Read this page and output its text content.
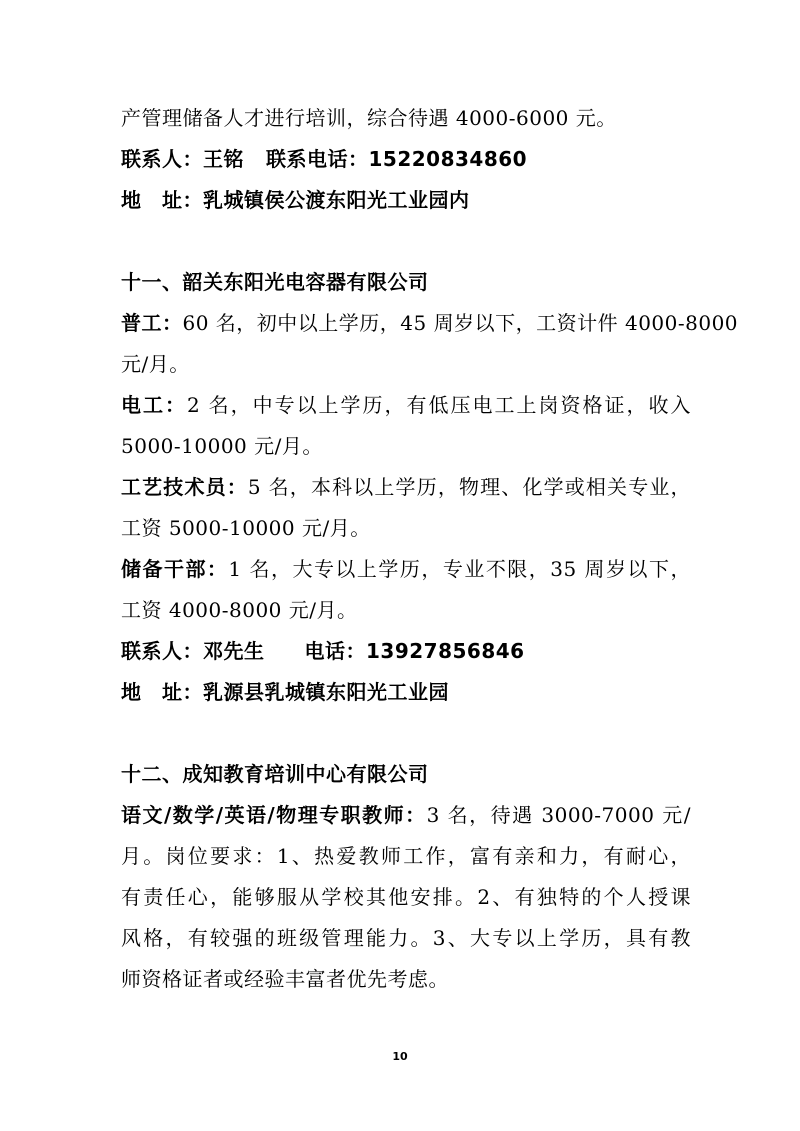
产管理储备人才进行培训，综合待遇 4000-6000 元。
联系人：王铭 联系电话：15220834860
地　址：乳城镇侯公渡东阳光工业园内
十一、韶关东阳光电容器有限公司
普工：60 名，初中以上学历，45 周岁以下，工资计件 4000-8000
元/月。
电工：2 名，中专以上学历，有低压电工上岗资格证，收入
5000-10000 元/月。
工艺技术员：5 名，本科以上学历，物理、化学或相关专业，
工资 5000-10000 元/月。
储备干部：1 名，大专以上学历，专业不限，35 周岁以下，
工资 4000-8000 元/月。
联系人：邓先生 电话：13927856846
地　址：乳源县乳城镇东阳光工业园
十二、成知教育培训中心有限公司
语文/数学/英语/物理专职教师：3 名，待遇 3000-7000 元/
月。岗位要求：1、热爱教师工作，富有亲和力，有耐心，
有责任心，能够服从学校其他安排。2、有独特的个人授课
风格，有较强的班级管理能力。3、大专以上学历，具有教
师资格证者或经验丰富者优先考虑。
10
